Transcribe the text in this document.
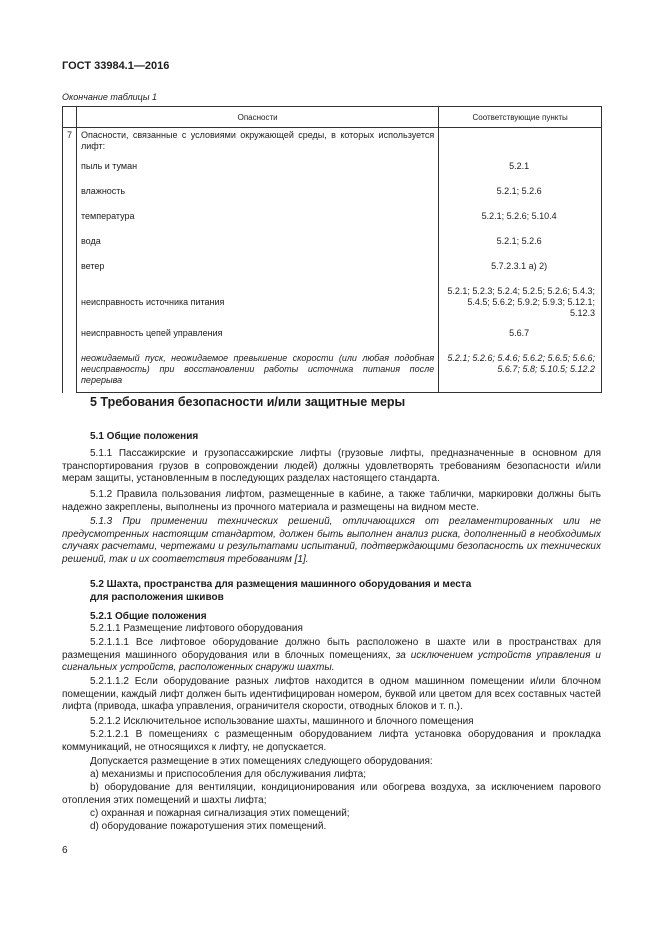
ГОСТ 33984.1—2016
Окончание таблицы 1
	Опасности	Соответствующие пункты
7	Опасности, связанные с условиями окружающей среды, в которых используется лифт:	

	пыль и туман	5.2.1

	влажность	5.2.1; 5.2.6

	температура	5.2.1; 5.2.6; 5.10.4

	вода	5.2.1; 5.2.6

	ветер	5.7.2.3.1 а) 2)

	неисправность источника питания	5.2.1; 5.2.3; 5.2.4; 5.2.5; 5.2.6; 5.4.3; 5.4.5; 5.6.2; 5.9.2; 5.9.3; 5.12.1; 5.12.3

	неисправность цепей управления	5.6.7

	неожидаемый пуск, неожидаемое превышение скорости (или любая подобная неисправность) при восстановлении работы источника питания после перерыва	5.2.1; 5.2.6; 5.4.6; 5.6.2; 5.6.5; 5.6.6; 5.6.7; 5.8; 5.10.5; 5.12.2
5 Требования безопасности и/или защитные меры
5.1 Общие положения

5.1.1 Пассажирские и грузопассажирские лифты (грузовые лифты, предназначенные в основном для транспортирования грузов в сопровождении людей) должны удовлетворять требованиям безопасности и/или мерам защиты, установленным в последующих разделах настоящего стандарта.

5.1.2 Правила пользования лифтом, размещенные в кабине, а также таблички, маркировки должны быть надежно закреплены, выполнены из прочного материала и размещены на видном месте.

5.1.3 При применении технических решений, отличающихся от регламентированных или не предусмотренных настоящим стандартом, должен быть выполнен анализ риска, дополненный в необходимых случаях расчетами, чертежами и результатами испытаний, подтверждающими безопасность их технических решений, так и их соответствия требованиям [1].

5.2 Шахта, пространства для размещения машинного оборудования и места
для расположения шкивов
5.2.1 Общие положения
5.2.1.1 Размещение лифтового оборудования

5.2.1.1.1 Все лифтовое оборудование должно быть расположено в шахте или в пространствах для размещения машинного оборудования или в блочных помещениях, за исключением устройств управления и сигнальных устройств, расположенных снаружи шахты.

5.2.1.1.2 Если оборудование разных лифтов находится в одном машинном помещении и/или блочном помещении, каждый лифт должен быть идентифицирован номером, буквой или цветом для всех составных частей лифта (привода, шкафа управления, ограничителя скорости, отводных блоков и т. п.).

5.2.1.2 Исключительное использование шахты, машинного и блочного помещения

5.2.1.2.1 В помещениях с размещенным оборудованием лифта установка оборудования и прокладка коммуникаций, не относящихся к лифту, не допускается.

Допускается размещение в этих помещениях следующего оборудования:
а) механизмы и приспособления для обслуживания лифта;

b) оборудование для вентиляции, кондиционирования или обогрева воздуха, за исключением парового отопления этих помещений и шахты лифта;

с) охранная и пожарная сигнализация этих помещений;
d) оборудование пожаротушения этих помещений.
6
